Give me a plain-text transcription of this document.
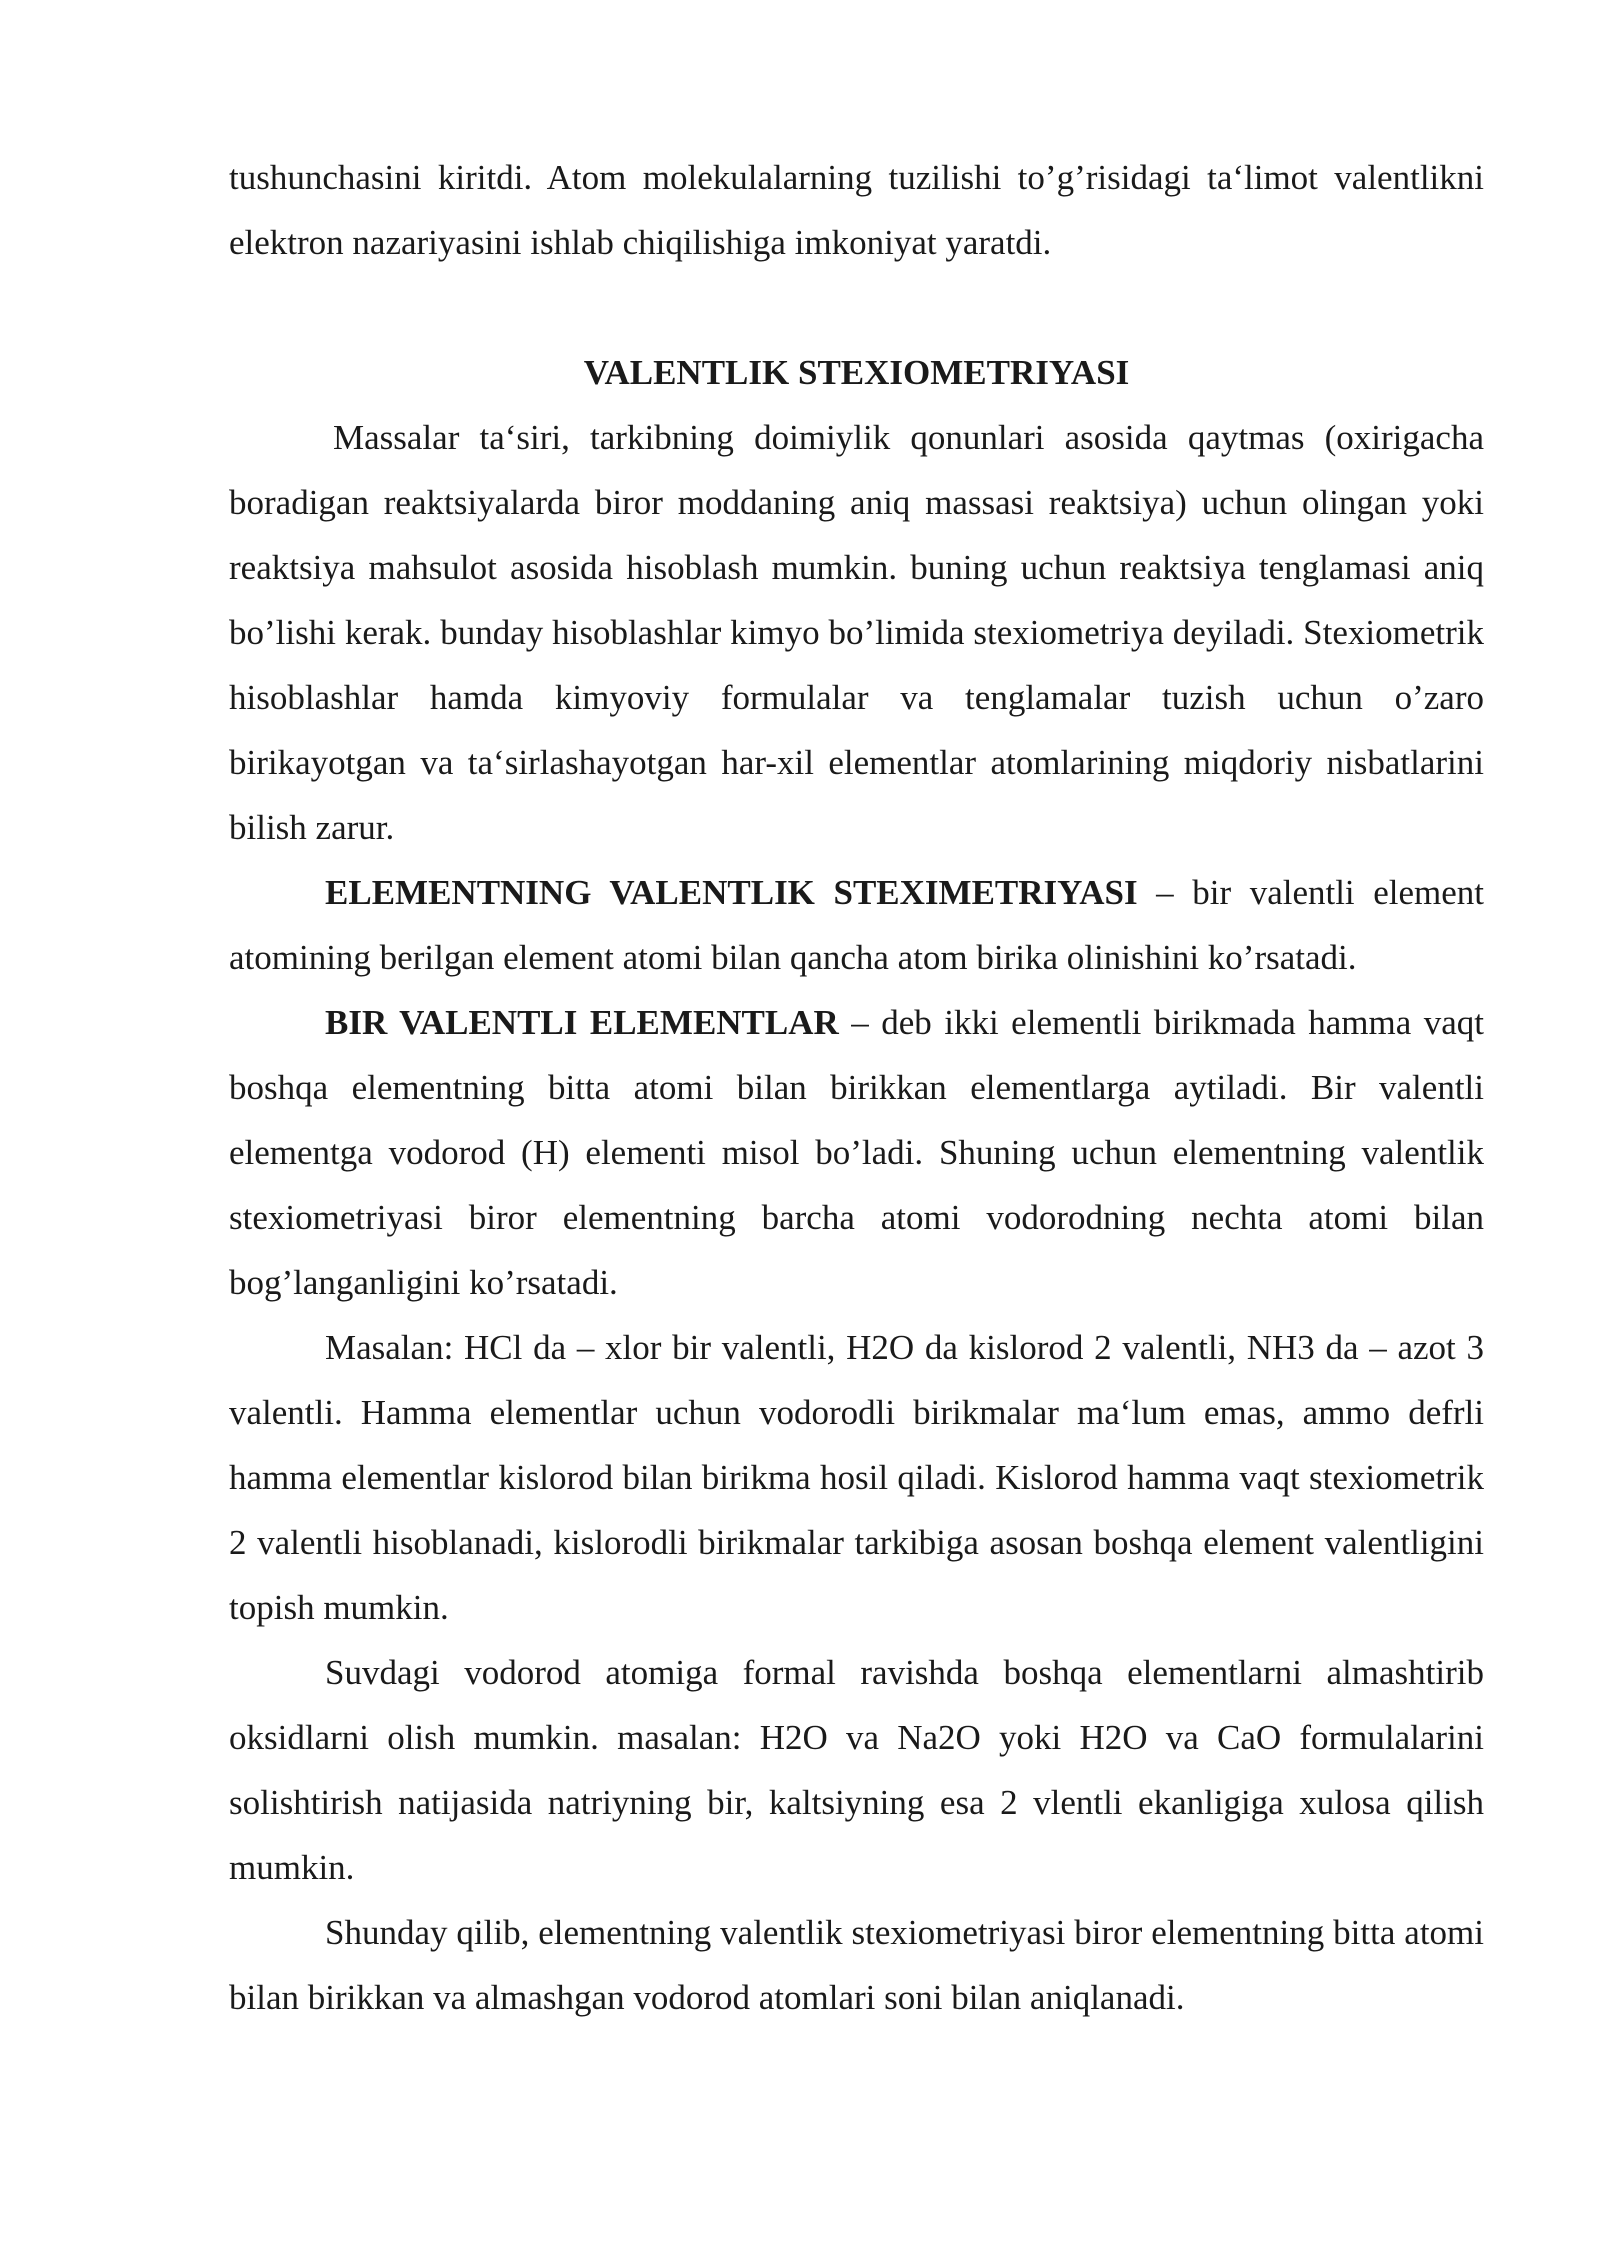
tushunchasini kiritdi. Atom molekulalarning tuzilishi to’g’risidagi ta‘limot valentlikni elektron nazariyasini ishlab chiqilishiga imkoniyat yaratdi.

VALENTLIK STEXIOMETRIYASI

Massalar ta‘siri, tarkibning doimiylik qonunlari asosida qaytmas (oxirigacha boradigan reaktsiyalarda biror moddaning aniq massasi reaktsiya) uchun olingan yoki reaktsiya mahsulot asosida hisoblash mumkin. buning uchun reaktsiya tenglamasi aniq bo’lishi kerak. bunday hisoblashlar kimyo bo’limida stexiometriya deyiladi. Stexiometrik hisoblashlar hamda kimyoviy formulalar va tenglamalar tuzish uchun o’zaro birikayotgan va ta‘sirlashayotgan har-xil elementlar atomlarining miqdoriy nisbatlarini bilish zarur.

ELEMENTNING VALENTLIK STEXIMETRIYASI – bir valentli element atomining berilgan element atomi bilan qancha atom birika olinishini ko’rsatadi.

BIR VALENTLI ELEMENTLAR – deb ikki elementli birikmada hamma vaqt boshqa elementning bitta atomi bilan birikkan elementlarga aytiladi. Bir valentli elementga vodorod (H) elementi misol bo’ladi. Shuning uchun elementning valentlik stexiometriyasi biror elementning barcha atomi vodorodning nechta atomi bilan bog’langanligini ko’rsatadi.

Masalan: HCl da – xlor bir valentli, H2O da kislorod 2 valentli, NH3 da – azot 3 valentli. Hamma elementlar uchun vodorodli birikmalar ma‘lum emas, ammo defrli hamma elementlar kislorod bilan birikma hosil qiladi. Kislorod hamma vaqt stexiometrik 2 valentli hisoblanadi, kislorodli birikmalar tarkibiga asosan boshqa element valentligini topish mumkin.

Suvdagi vodorod atomiga formal ravishda boshqa elementlarni almashtirib oksidlarni olish mumkin. masalan: H2O va Na2O yoki H2O va CaO formulalarini solishtirish natijasida natriyning bir, kaltsiyning esa 2 vlentli ekanligiga xulosa qilish mumkin.

Shunday qilib, elementning valentlik stexiometriyasi biror elementning bitta atomi bilan birikkan va almashgan vodorod atomlari soni bilan aniqlanadi.
